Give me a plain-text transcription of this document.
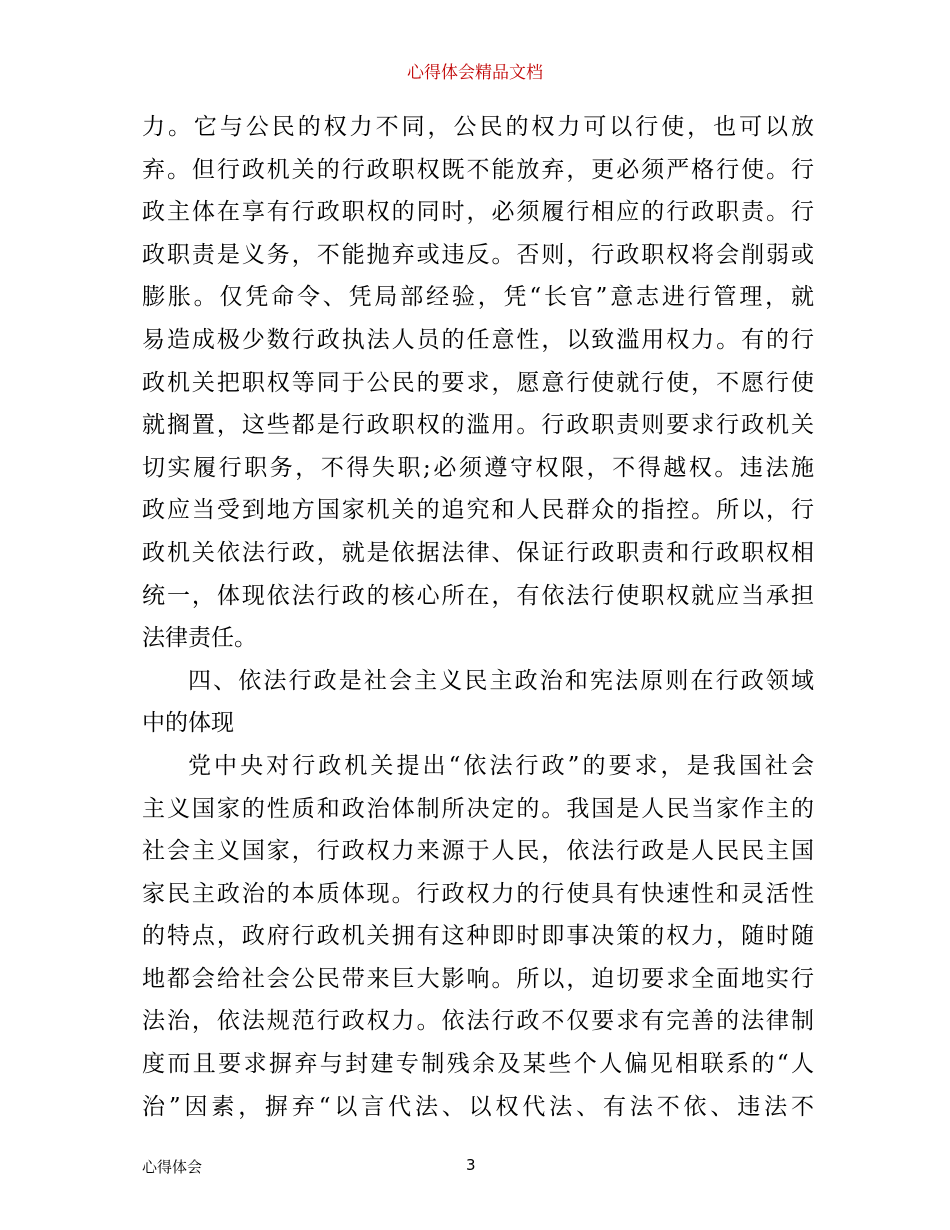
心得体会精品文档
力。它与公民的权力不同，公民的权力可以行使，也可以放
弃。但行政机关的行政职权既不能放弃，更必须严格行使。行
政主体在享有行政职权的同时，必须履行相应的行政职责。行
政职责是义务，不能抛弃或违反。否则，行政职权将会削弱或
膨胀。仅凭命令、凭局部经验，凭“长官”意志进行管理，就
易造成极少数行政执法人员的任意性，以致滥用权力。有的行
政机关把职权等同于公民的要求，愿意行使就行使，不愿行使
就搁置，这些都是行政职权的滥用。行政职责则要求行政机关
切实履行职务，不得失职;必须遵守权限，不得越权。违法施
政应当受到地方国家机关的追究和人民群众的指控。所以，行
政机关依法行政，就是依据法律、保证行政职责和行政职权相
统一，体现依法行政的核心所在，有依法行使职权就应当承担
法律责任。
四、依法行政是社会主义民主政治和宪法原则在行政领域
中的体现
党中央对行政机关提出“依法行政”的要求，是我国社会
主义国家的性质和政治体制所决定的。我国是人民当家作主的
社会主义国家，行政权力来源于人民，依法行政是人民民主国
家民主政治的本质体现。行政权力的行使具有快速性和灵活性
的特点，政府行政机关拥有这种即时即事决策的权力，随时随
地都会给社会公民带来巨大影响。所以，迫切要求全面地实行
法治，依法规范行政权力。依法行政不仅要求有完善的法律制
度而且要求摒弃与封建专制残余及某些个人偏见相联系的“人
治”因素，摒弃“以言代法、以权代法、有法不依、违法不
心得体会	3
